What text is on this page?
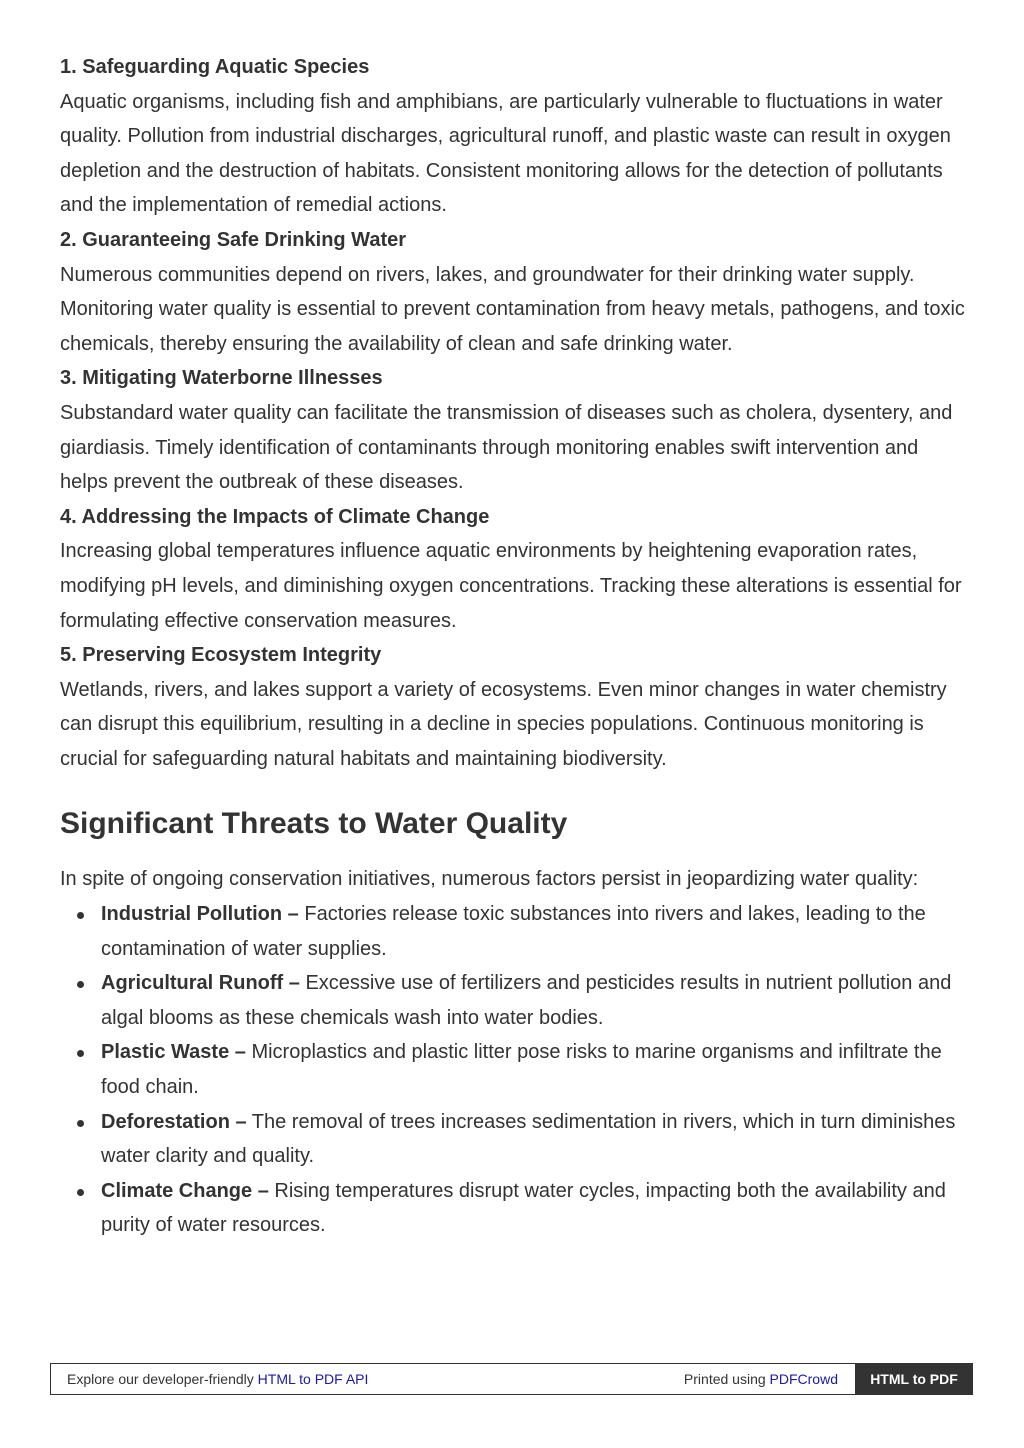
1. Safeguarding Aquatic Species

Aquatic organisms, including fish and amphibians, are particularly vulnerable to fluctuations in water quality. Pollution from industrial discharges, agricultural runoff, and plastic waste can result in oxygen depletion and the destruction of habitats. Consistent monitoring allows for the detection of pollutants and the implementation of remedial actions.

2. Guaranteeing Safe Drinking Water

Numerous communities depend on rivers, lakes, and groundwater for their drinking water supply. Monitoring water quality is essential to prevent contamination from heavy metals, pathogens, and toxic chemicals, thereby ensuring the availability of clean and safe drinking water.

3. Mitigating Waterborne Illnesses

Substandard water quality can facilitate the transmission of diseases such as cholera, dysentery, and giardiasis. Timely identification of contaminants through monitoring enables swift intervention and helps prevent the outbreak of these diseases.

4. Addressing the Impacts of Climate Change

Increasing global temperatures influence aquatic environments by heightening evaporation rates, modifying pH levels, and diminishing oxygen concentrations. Tracking these alterations is essential for formulating effective conservation measures.

5. Preserving Ecosystem Integrity

Wetlands, rivers, and lakes support a variety of ecosystems. Even minor changes in water chemistry can disrupt this equilibrium, resulting in a decline in species populations. Continuous monitoring is crucial for safeguarding natural habitats and maintaining biodiversity.

Significant Threats to Water Quality

In spite of ongoing conservation initiatives, numerous factors persist in jeopardizing water quality:

Industrial Pollution – Factories release toxic substances into rivers and lakes, leading to the contamination of water supplies.
Agricultural Runoff – Excessive use of fertilizers and pesticides results in nutrient pollution and algal blooms as these chemicals wash into water bodies.
Plastic Waste – Microplastics and plastic litter pose risks to marine organisms and infiltrate the food chain.
Deforestation – The removal of trees increases sedimentation in rivers, which in turn diminishes water clarity and quality.
Climate Change – Rising temperatures disrupt water cycles, impacting both the availability and purity of water resources.
Explore our developer-friendly HTML to PDF API	Printed using PDFCrowd	HTML to PDF
